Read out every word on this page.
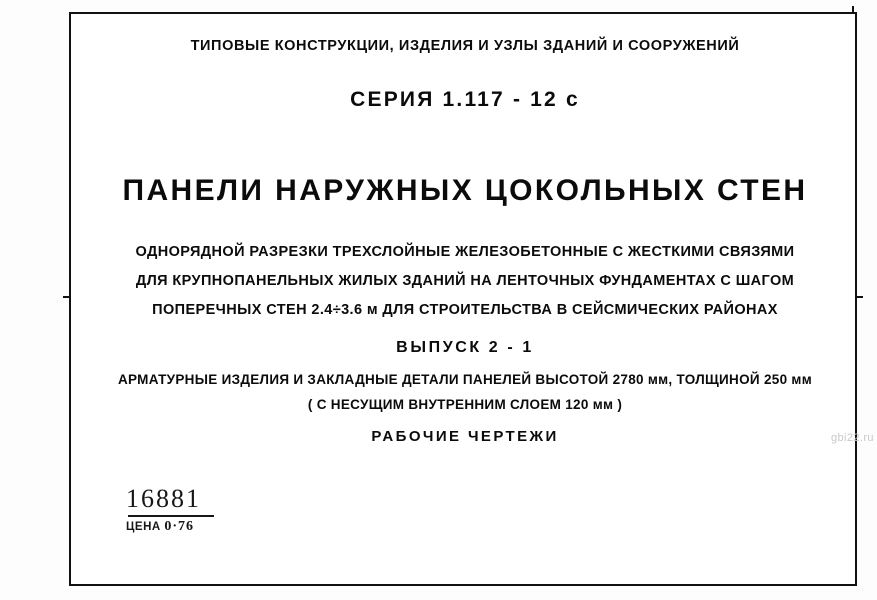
ТИПОВЫЕ КОНСТРУКЦИИ, ИЗДЕЛИЯ И УЗЛЫ ЗДАНИЙ И СООРУЖЕНИЙ
СЕРИЯ 1.117 - 12 с
ПАНЕЛИ НАРУЖНЫХ ЦОКОЛЬНЫХ СТЕН
ОДНОРЯДНОЙ РАЗРЕЗКИ ТРЕХСЛОЙНЫЕ ЖЕЛЕЗОБЕТОННЫЕ С ЖЕСТКИМИ СВЯЗЯМИ
ДЛЯ КРУПНОПАНЕЛЬНЫХ ЖИЛЫХ ЗДАНИЙ НА ЛЕНТОЧНЫХ ФУНДАМЕНТАХ С ШАГОМ
ПОПЕРЕЧНЫХ СТЕН 2.4÷3.6 м ДЛЯ СТРОИТЕЛЬСТВА В СЕЙСМИЧЕСКИХ РАЙОНАХ
ВЫПУСК 2 - 1
АРМАТУРНЫЕ ИЗДЕЛИЯ И ЗАКЛАДНЫЕ ДЕТАЛИ ПАНЕЛЕЙ ВЫСОТОЙ 2780 мм, ТОЛЩИНОЙ 250 мм
( С НЕСУЩИМ ВНУТРЕННИМ СЛОЕМ 120 мм )
РАБОЧИЕ ЧЕРТЕЖИ
16881
ЦЕНА 0·76
gbi22.ru
